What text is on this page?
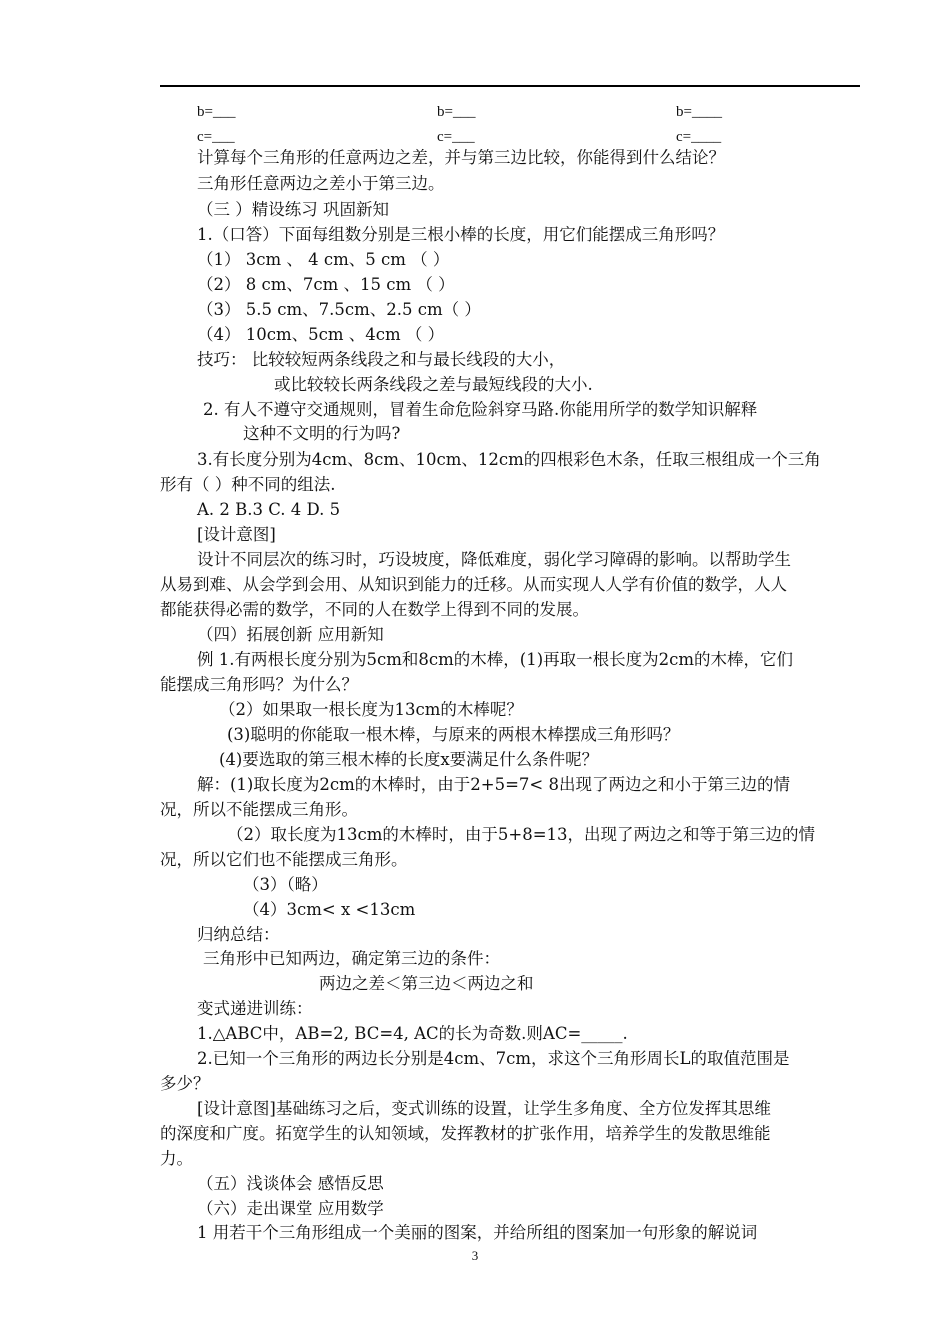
b=___
c=___
b=___
c=___
b=____
c=____
计算每个三角形的任意两边之差，并与第三边比较，你能得到什么结论？
三角形任意两边之差小于第三边。
（三 ）精设练习 巩固新知
1.（口答）下面每组数分别是三根小棒的长度，用它们能摆成三角形吗？
（1） 3cm 、 4 cm、5 cm （ ）
（2） 8 cm、7cm 、15 cm （ ）
（3） 5.5 cm、7.5cm、2.5 cm（ ）
（4） 10cm、5cm 、4cm （ ）
技巧： 比较较短两条线段之和与最长线段的大小，
或比较较长两条线段之差与最短线段的大小.
2. 有人不遵守交通规则，冒着生命危险斜穿马路.你能用所学的数学知识解释
这种不文明的行为吗?
3.有长度分别为4cm、8cm、10cm、12cm的四根彩色木条，任取三根组成一个三角
形有（ ）种不同的组法.
A. 2 B.3 C. 4 D. 5
[设计意图]
设计不同层次的练习时，巧设坡度，降低难度，弱化学习障碍的影响。以帮助学生
从易到难、从会学到会用、从知识到能力的迁移。从而实现人人学有价值的数学，人人
都能获得必需的数学，不同的人在数学上得到不同的发展。
（四）拓展创新 应用新知
例 1.有两根长度分别为5cm和8cm的木棒，(1)再取一根长度为2cm的木棒，它们
能摆成三角形吗？为什么？
（2）如果取一根长度为13cm的木棒呢？
(3)聪明的你能取一根木棒，与原来的两根木棒摆成三角形吗？
(4)要选取的第三根木棒的长度x要满足什么条件呢？
解：(1)取长度为2cm的木棒时，由于2+5=7< 8出现了两边之和小于第三边的情
况，所以不能摆成三角形。
（2）取长度为13cm的木棒时，由于5+8=13，出现了两边之和等于第三边的情
况，所以它们也不能摆成三角形。
（3）（略）
（4）3cm< x <13cm
归纳总结：
三角形中已知两边，确定第三边的条件：
两边之差＜第三边＜两边之和
变式递进训练：
1.△ABC中，AB=2, BC=4, AC的长为奇数.则AC=_____.
2.已知一个三角形的两边长分别是4cm、7cm，求这个三角形周长L的取值范围是
多少？
[设计意图]基础练习之后，变式训练的设置，让学生多角度、全方位发挥其思维
的深度和广度。拓宽学生的认知领域，发挥教材的扩张作用，培养学生的发散思维能
力。
（五）浅谈体会 感悟反思
（六）走出课堂 应用数学
1 用若干个三角形组成一个美丽的图案，并给所组的图案加一句形象的解说词
3
